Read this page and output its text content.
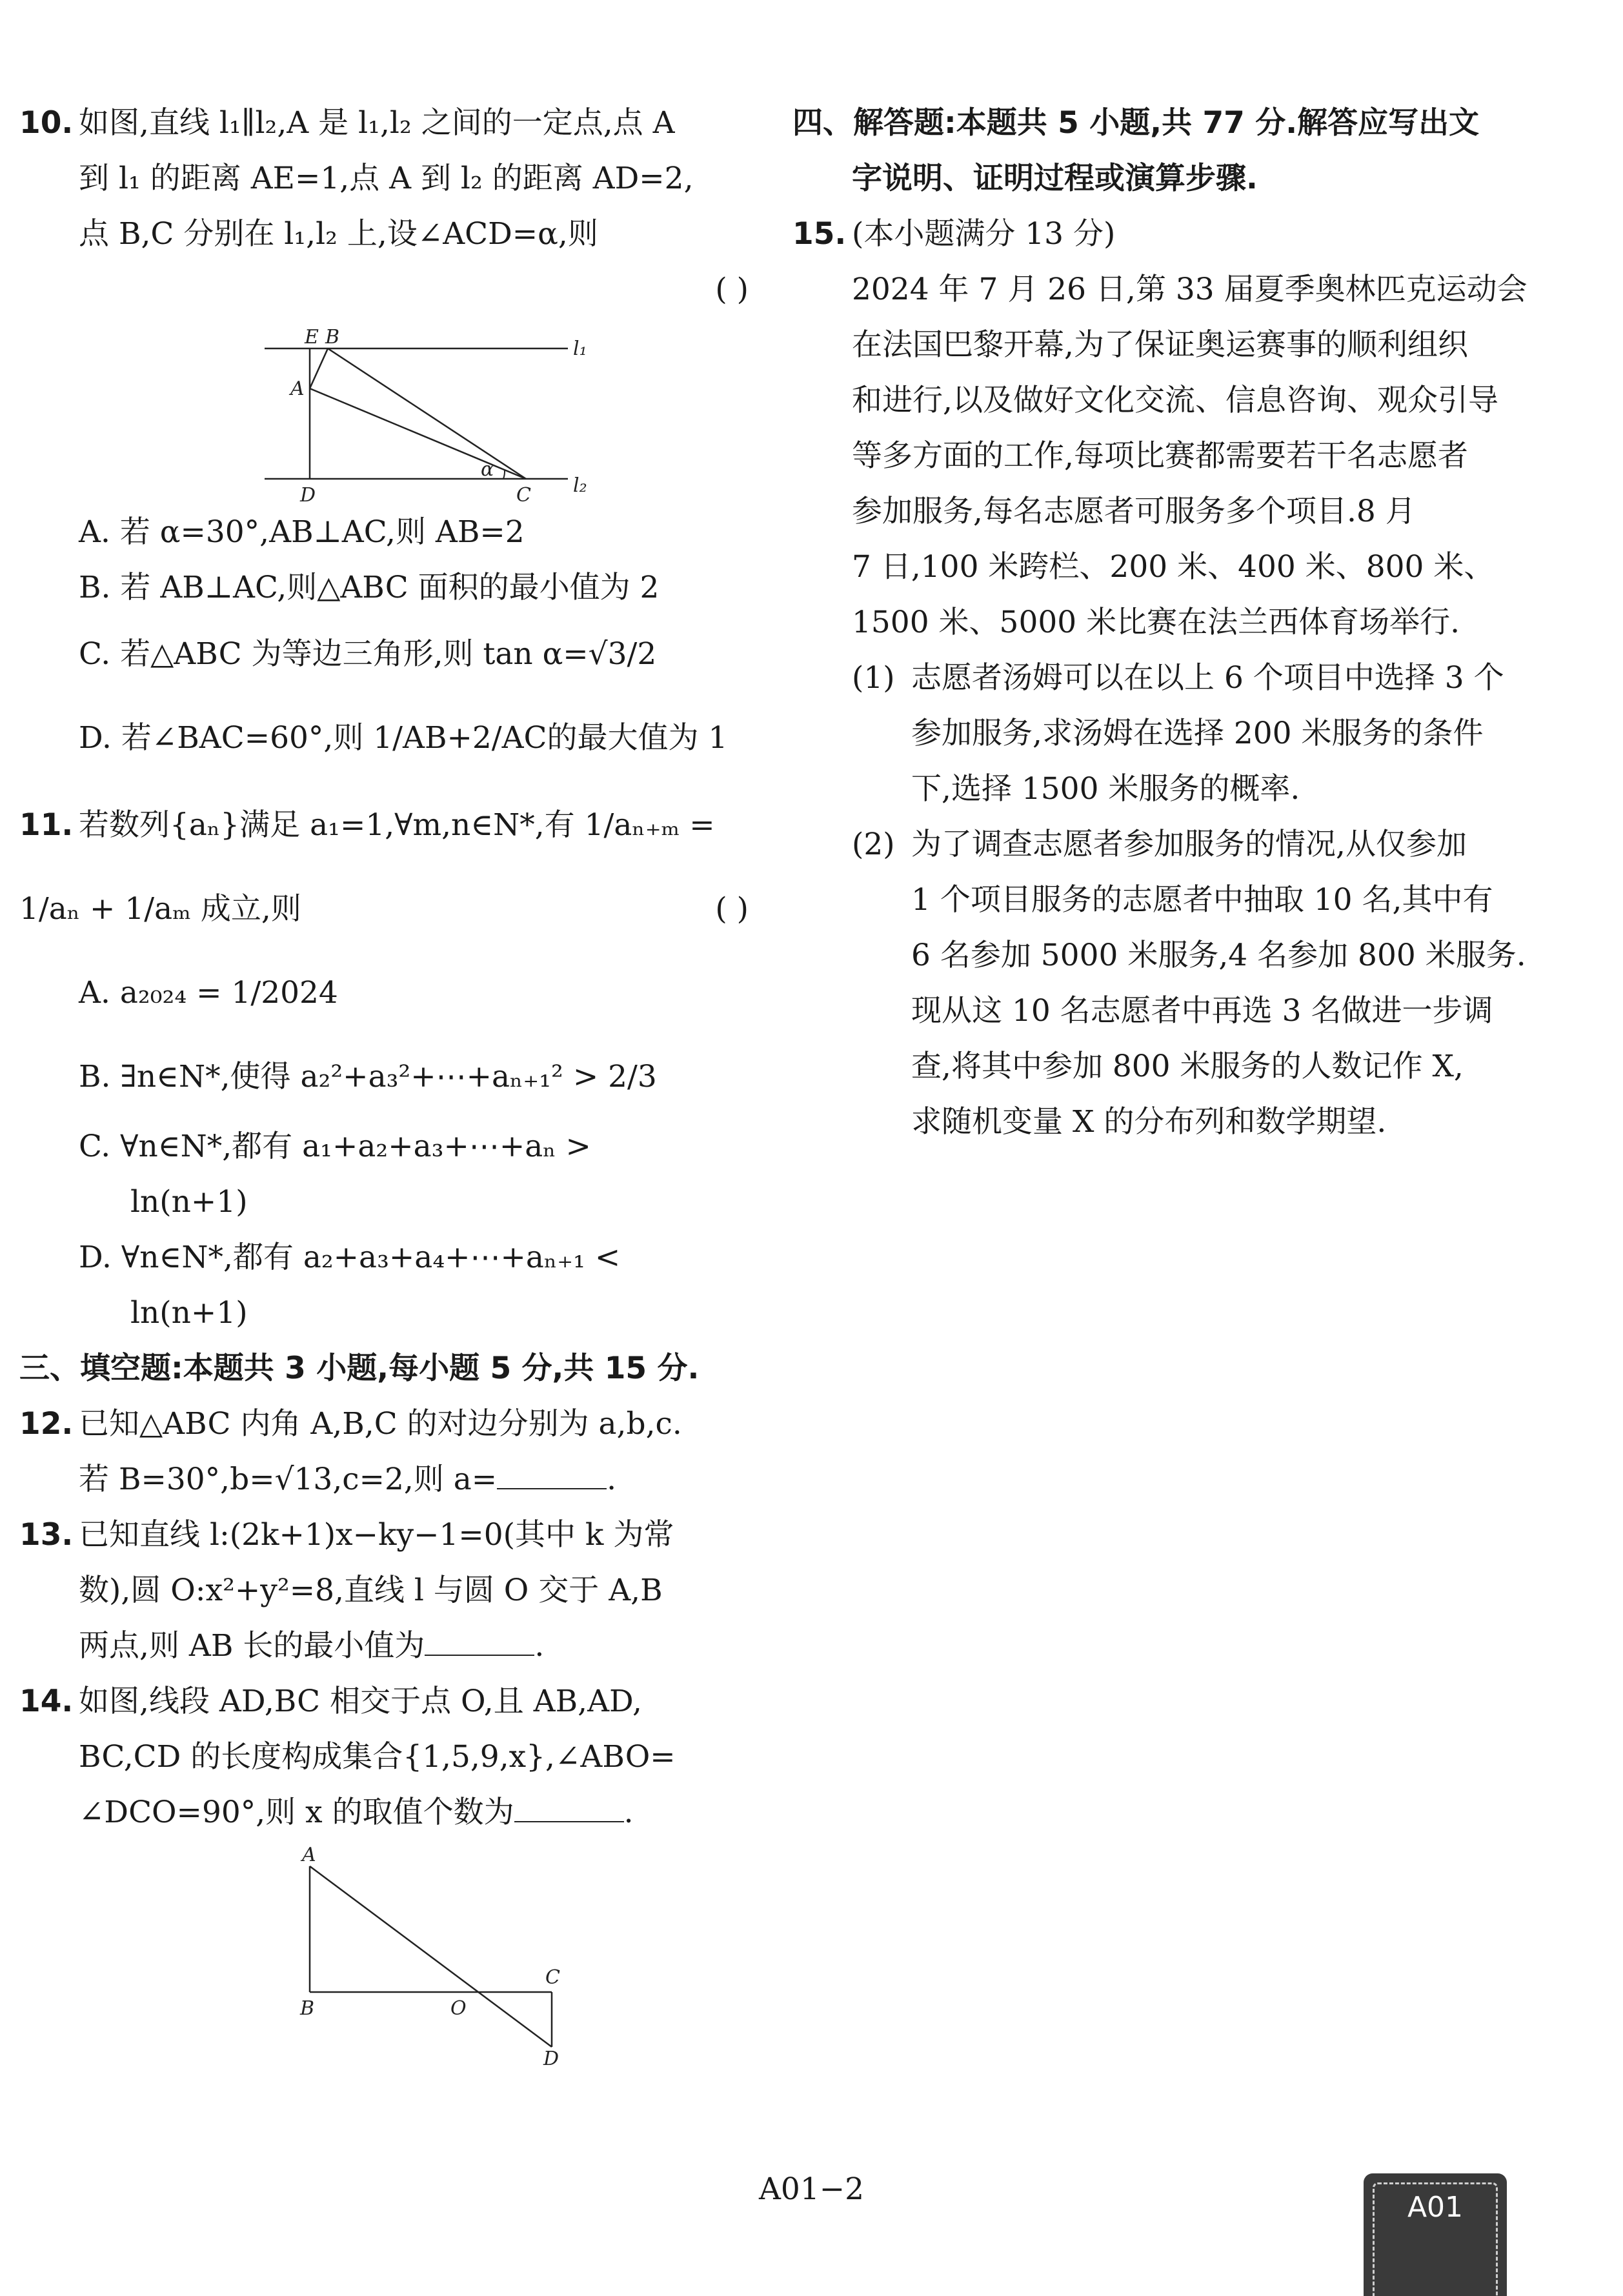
10. 如图,直线 l₁∥l₂,A 是 l₁,l₂ 之间的一定点,点 A
到 l₁ 的距离 AE=1,点 A 到 l₂ 的距离 AD=2,
点 B,C 分别在 l₁,l₂ 上,设∠ACD=α,则
( )
E B
A
D	C
l₁
l₂
α
A. 若 α=30°,AB⊥AC,则 AB=2
B. 若 AB⊥AC,则△ABC 面积的最小值为 2
C. 若△ABC 为等边三角形,则 tan α=√3/2
D. 若∠BAC=60°,则 1/AB+2/AC的最大值为 1
11. 若数列{aₙ}满足 a₁=1,∀m,n∈N*,有 1/aₙ₊ₘ =
1/aₙ + 1/aₘ 成立,则	( )
A. a₂₀₂₄ = 1/2024
B. ∃n∈N*,使得 a₂²+a₃²+⋯+aₙ₊₁² > 2/3
C. ∀n∈N*,都有 a₁+a₂+a₃+⋯+aₙ >
ln(n+1)
D. ∀n∈N*,都有 a₂+a₃+a₄+⋯+aₙ₊₁ <
ln(n+1)
三、填空题:本题共 3 小题,每小题 5 分,共 15 分.
12. 已知△ABC 内角 A,B,C 的对边分别为 a,b,c.
若 B=30°,b=√13,c=2,则 a=	.
13. 已知直线 l:(2k+1)x−ky−1=0(其中 k 为常
数),圆 O:x²+y²=8,直线 l 与圆 O 交于 A,B
两点,则 AB 长的最小值为	.
14. 如图,线段 AD,BC 相交于点 O,且 AB,AD,
BC,CD 的长度构成集合{1,5,9,x},∠ABO=
∠DCO=90°,则 x 的取值个数为	.
A
B	O
C
D
四、解答题:本题共 5 小题,共 77 分.解答应写出文
字说明、证明过程或演算步骤.
15. (本小题满分 13 分)
2024 年 7 月 26 日,第 33 届夏季奥林匹克运动会
在法国巴黎开幕,为了保证奥运赛事的顺利组织
和进行,以及做好文化交流、信息咨询、观众引导
等多方面的工作,每项比赛都需要若干名志愿者
参加服务,每名志愿者可服务多个项目.8 月
7 日,100 米跨栏、200 米、400 米、800 米、
1500 米、5000 米比赛在法兰西体育场举行.
(1) 志愿者汤姆可以在以上 6 个项目中选择 3 个
参加服务,求汤姆在选择 200 米服务的条件
下,选择 1500 米服务的概率.
(2) 为了调查志愿者参加服务的情况,从仅参加
1 个项目服务的志愿者中抽取 10 名,其中有
6 名参加 5000 米服务,4 名参加 800 米服务.
现从这 10 名志愿者中再选 3 名做进一步调
查,将其中参加 800 米服务的人数记作 X,
求随机变量 X 的分布列和数学期望.
A01−2
A01
